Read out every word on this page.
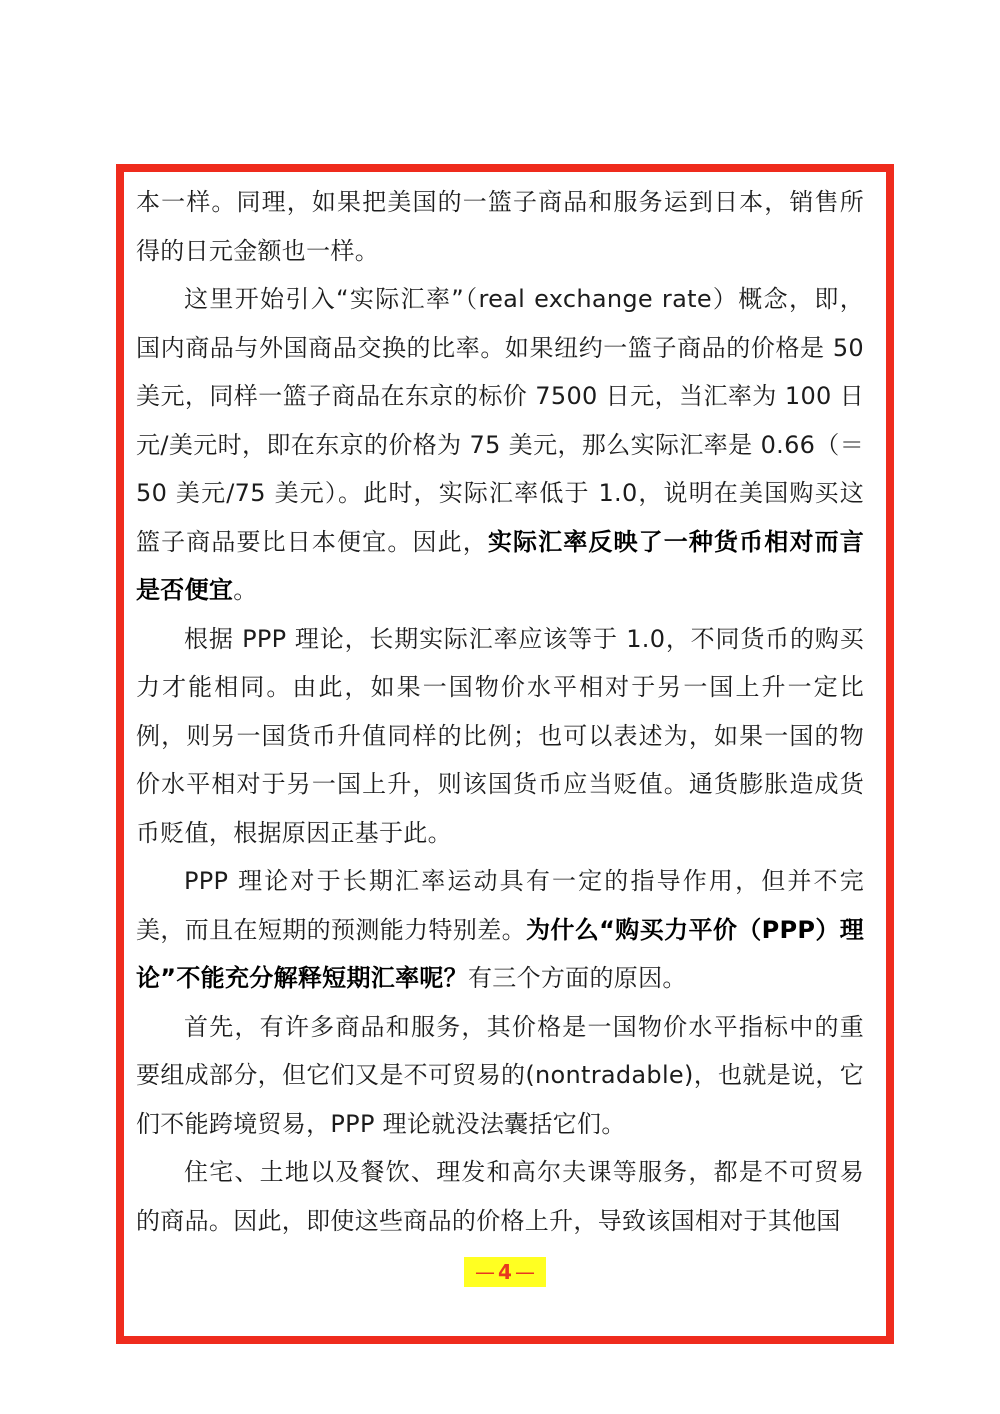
本一样。同理，如果把美国的一篮子商品和服务运到日本，销售所得的日元金额也一样。

这里开始引入“实际汇率”（real exchange rate）概念，即，国内商品与外国商品交换的比率。如果纽约一篮子商品的价格是 50 美元，同样一篮子商品在东京的标价 7500 日元，当汇率为 100 日元/美元时，即在东京的价格为 75 美元，那么实际汇率是 0.66（＝50 美元/75 美元）。此时，实际汇率低于 1.0，说明在美国购买这篮子商品要比日本便宜。因此，实际汇率反映了一种货币相对而言是否便宜。

根据 PPP 理论，长期实际汇率应该等于 1.0，不同货币的购买力才能相同。由此，如果一国物价水平相对于另一国上升一定比例，则另一国货币升值同样的比例；也可以表述为，如果一国的物价水平相对于另一国上升，则该国货币应当贬值。通货膨胀造成货币贬值，根据原因正基于此。

PPP 理论对于长期汇率运动具有一定的指导作用，但并不完美，而且在短期的预测能力特别差。为什么“购买力平价（PPP）理论”不能充分解释短期汇率呢？有三个方面的原因。

首先，有许多商品和服务，其价格是一国物价水平指标中的重要组成部分，但它们又是不可贸易的(nontradable)，也就是说，它们不能跨境贸易，PPP 理论就没法囊括它们。

住宅、土地以及餐饮、理发和高尔夫课等服务，都是不可贸易的商品。因此，即使这些商品的价格上升，导致该国相对于其他国

— 4 —
